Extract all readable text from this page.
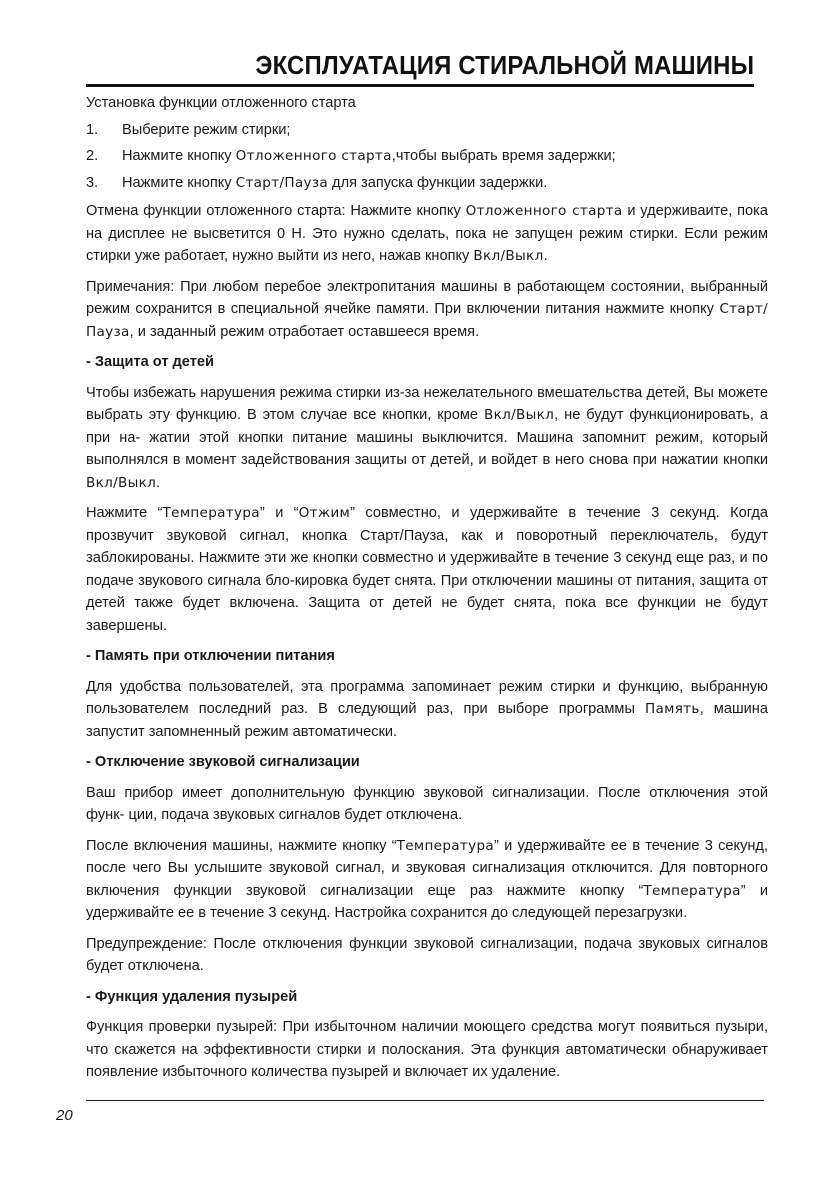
ЭКСПЛУАТАЦИЯ СТИРАЛЬНОЙ МАШИНЫ

Установка функции отложенного старта

1.	Выберите режим стирки;
2.	Нажмите кнопку Отложенного старта,чтобы выбрать время задержки;
3.	Нажмите кнопку Старт/Пауза для запуска функции задержки.

Отмена функции отложенного старта: Нажмите кнопку Отложенного старта и удерживаите, пока на дисплее не высветится 0 Н. Это нужно сделать, пока не запущен режим стирки. Если режим стирки уже работает, нужно выйти из него, нажав кнопку Вкл/Выкл.

Примечания: При любом перебое электропитания машины в работающем состоянии, выбранный режим сохранится в специальной ячейке памяти. При включении питания нажмите кнопку Старт/Пауза, и заданный режим отработает оставшееся время.

- Защита от детей

Чтобы избежать нарушения режима стирки из-за нежелательного вмешательства детей, Вы можете выбрать эту функцию. В этом случае все кнопки, кроме Вкл/Выкл, не будут функционировать, а при на- жатии этой кнопки питание машины выключится. Машина запомнит режим, который выполнялся в момент задействования защиты от детей, и войдет в него снова при нажатии кнопки Вкл/Выкл.

Нажмите “Температура” и “Отжим” совместно, и удерживайте в течение 3 секунд. Когда прозвучит звуковой сигнал, кнопка Старт/Пауза, как и поворотный переключатель, будут заблокированы. Нажмите эти же кнопки совместно и удерживайте в течение 3 секунд еще раз, и по подаче звукового сигнала бло-кировка будет снята. При отключении машины от питания, защита от детей также будет включена. Защита от детей не будет снята, пока все функции не будут завершены.

- Память при отключении питания

Для удобства пользователей, эта программа запоминает режим стирки и функцию, выбранную пользователем последний раз. В следующий раз, при выборе программы Память, машина запустит запомненный режим автоматически.

- Отключение звуковой сигнализации

Ваш прибор имеет дополнительную функцию звуковой сигнализации. После отключения этой функ- ции, подача звуковых сигналов будет отключена.

После включения машины, нажмите кнопку “Температура” и удерживайте ее в течение 3 секунд, после чего Вы услышите звуковой сигнал, и звуковая сигнализация отключится. Для повторного включения функции звуковой сигнализации еще раз нажмите кнопку “Температура” и удерживайте ее в течение 3 секунд. Настройка сохранится до следующей перезагрузки.

Предупреждение: После отключения функции звуковой сигнализации, подача звуковых сигналов будет отключена.

- Функция удаления пузырей

Функция проверки пузырей: При избыточном наличии моющего средства могут появиться пузыри, что скажется на эффективности стирки и полоскания. Эта функция автоматически обнаруживает появление избыточного количества пузырей и включает их удаление.

20
